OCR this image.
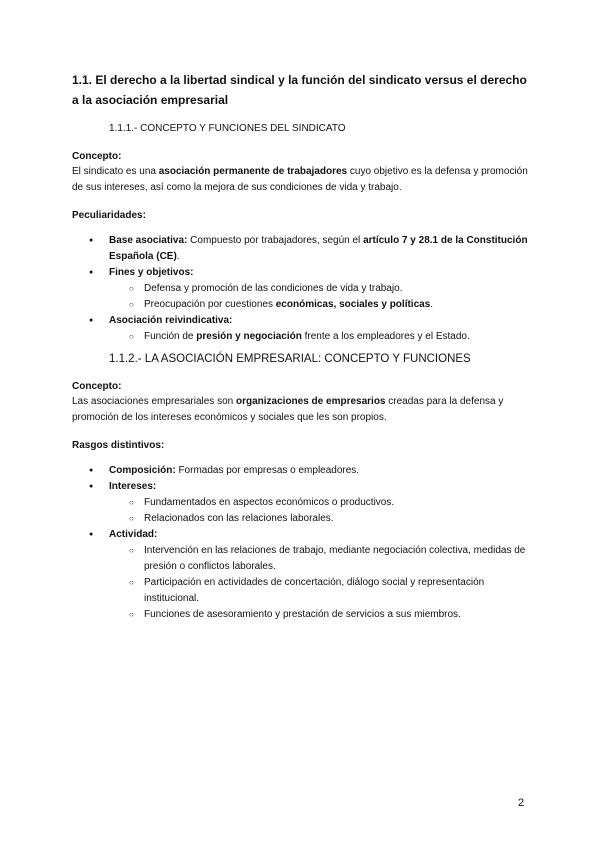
1.1. El derecho a la libertad sindical y la función del sindicato versus el derecho a la asociación empresarial
1.1.1.- CONCEPTO Y FUNCIONES DEL SINDICATO
Concepto:

El sindicato es una asociación permanente de trabajadores cuyo objetivo es la defensa y promoción de sus intereses, así como la mejora de sus condiciones de vida y trabajo.

Peculiaridades:
● Base asociativa: Compuesto por trabajadores, según el artículo 7 y 28.1 de la Constitución Española (CE).
● Fines y objetivos:
○ Defensa y promoción de las condiciones de vida y trabajo.
○ Preocupación por cuestiones económicas, sociales y políticas.
● Asociación reivindicativa:
○ Función de presión y negociación frente a los empleadores y el Estado.
1.1.2.- LA ASOCIACIÓN EMPRESARIAL: CONCEPTO Y FUNCIONES
Concepto:

Las asociaciones empresariales son organizaciones de empresarios creadas para la defensa y promoción de los intereses económicos y sociales que les son propios.

Rasgos distintivos:
● Composición: Formadas por empresas o empleadores.
● Intereses:
○ Fundamentados en aspectos económicos o productivos.
○ Relacionados con las relaciones laborales.
● Actividad:
○ Intervención en las relaciones de trabajo, mediante negociación colectiva, medidas de presión o conflictos laborales.
○ Participación en actividades de concertación, diálogo social y representación institucional.
○ Funciones de asesoramiento y prestación de servicios a sus miembros.
2
